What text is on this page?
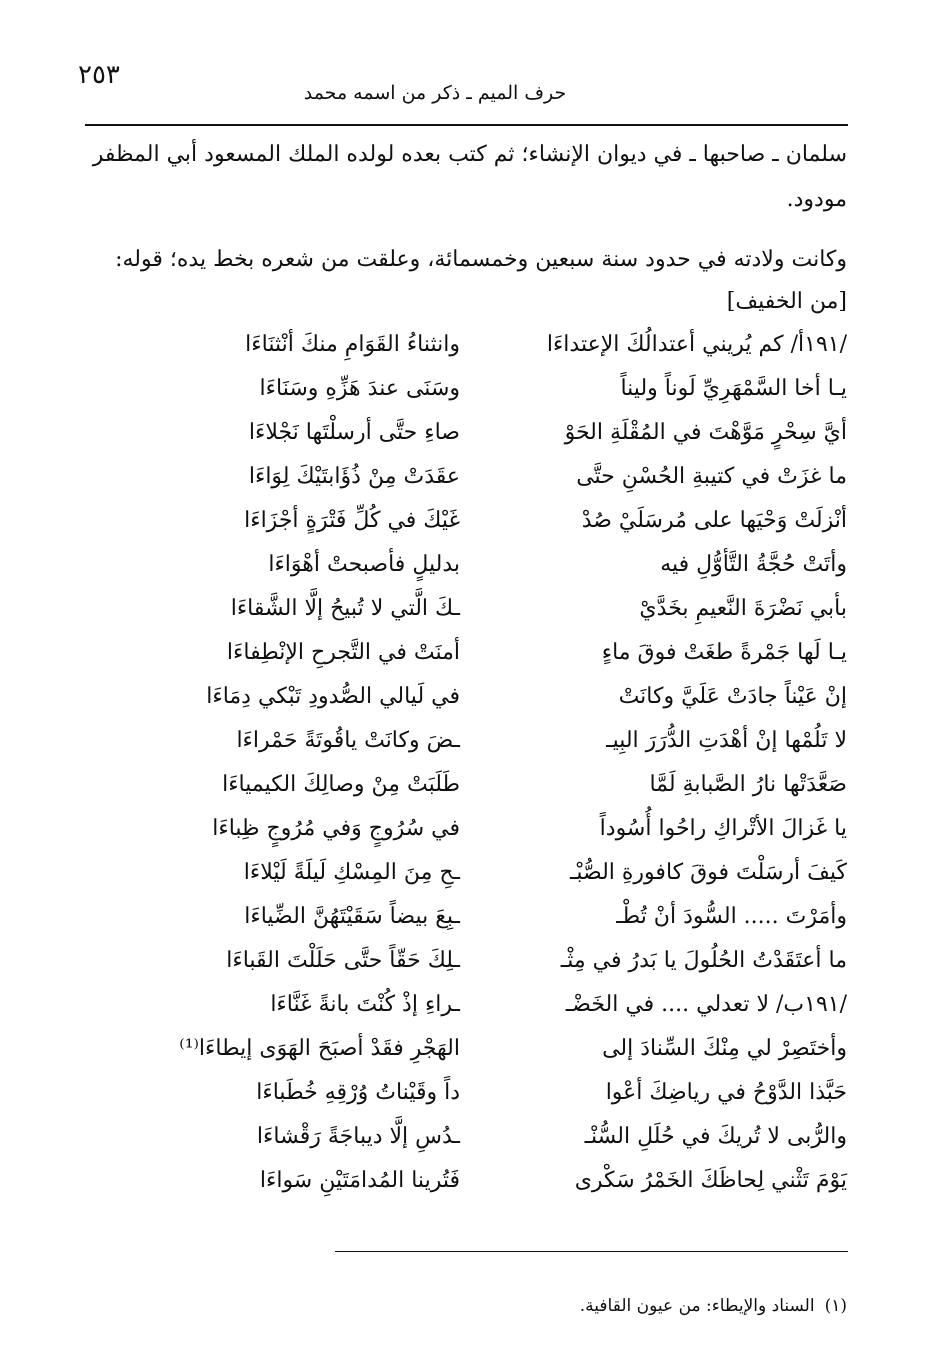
٢٥٣
حرف الميم ـ ذكر من اسمه محمد
سلمان ـ صاحبها ـ في ديوان الإنشاء؛ ثم كتب بعده لولده الملك المسعود أبي المظفر
مودود.
وكانت ولادته في حدود سنة سبعين وخمسمائة، وعلقت من شعره بخط يده؛ قوله:
[من الخفيف]
/١٩١أ/ كم يُريني أعتدالُكَ الإعتداءَا
وانثناءُ القَوَامِ منكَ أنْثنَاءَا
يـا أخا السَّمْهَرِيِّ لَوناً وليناً
وسَنَى عندَ هَزِّهِ وسَنَاءَا
أيَّ سِحْرٍ مَوَّهْتَ في المُقْلَةِ الحَوْ
صاءِ حتَّى أرسلْتَها نَجْلاءَا
ما غزَتْ في كتيبةِ الحُسْنِ حتَّى
عقَدَتْ مِنْ ذُؤَابتَيْكَ لِوَاءَا
أنْزلَتْ وَحْيَها على مُرسَلَيْ صُدْ
غَيْكَ في كُلِّ فَتْرَةٍ أجْزَاءَا
وأتَتْ حُجَّةُ التَّأوُّلِ فيه
بدليلٍ فأصبحتْ أهْوَاءَا
بأبي نَضْرَةَ النَّعيمِ بخَدَّيْ
ـكَ الَّتي لا تُبيحُ إلَّا الشَّقاءَا
يـا لَها جَمْرةً طغَتْ فوقَ ماءٍ
أمنَتْ في التَّجرحِ الإنْطِفاءَا
إنْ عَيْناً جادَتْ عَلَيَّ وكانَتْ
في لَيالي الصُّدودِ تَبْكي دِمَاءَا
لا تَلُمْها إنْ أهْدَتِ الدُّرَرَ البِيـ
ـضَ وكانَتْ ياقُوتَةً حَمْراءَا
صَعَّدَتْها نارُ الصَّبابةِ لَمَّا
طَلَبَتْ مِنْ وصالِكَ الكيمياءَا
يا غَزالَ الأتْراكِ راحُوا أُسُوداً
في سُرُوجٍ وَفي مُرُوجٍ ظِباءَا
كَيفَ أرسَلْتَ فوقَ كافورةِ الصُّبْـ
ـحِ مِنَ المِسْكِ لَيلَةً لَيْلاءَا
وأمَرْتَ ..... السُّودَ أنْ تُطْـ
ـبِعَ بيضاً سَقَيْتَهُنَّ الضِّياءَا
ما أعتَقَدْتُ الحُلُولَ يا بَدرُ في مِثْـ
ـلِكَ حَقّاً حتَّى حَلَلْتَ القَباءَا
/١٩١ب/ لا تعدلي .... في الخَضْـ
ـراءِ إذْ كُنْتَ بانةً غَنَّاءَا
وأختَصِرْ لي مِنْكَ السِّنادَ إلى
الهَجْرِ فقَدْ أصبَحَ الهَوَى إيطاءَا⁽¹⁾
حَبَّذا الدَّوْحُ في رياضِكَ أعْوا
داً وقَيْناتُ وُرْقِهِ خُطَباءَا
والرُّبى لا تُريكَ في حُلَلِ السُّنْـ
ـدُسِ إلَّا ديباجَةً رَقْشاءَا
يَوْمَ تَثْني لِحاظَكَ الخَمْرُ سَكْرى
فَتُرينا المُدامَتَيْنِ سَواءَا
(١)السناد والإيطاء: من عيون القافية.
